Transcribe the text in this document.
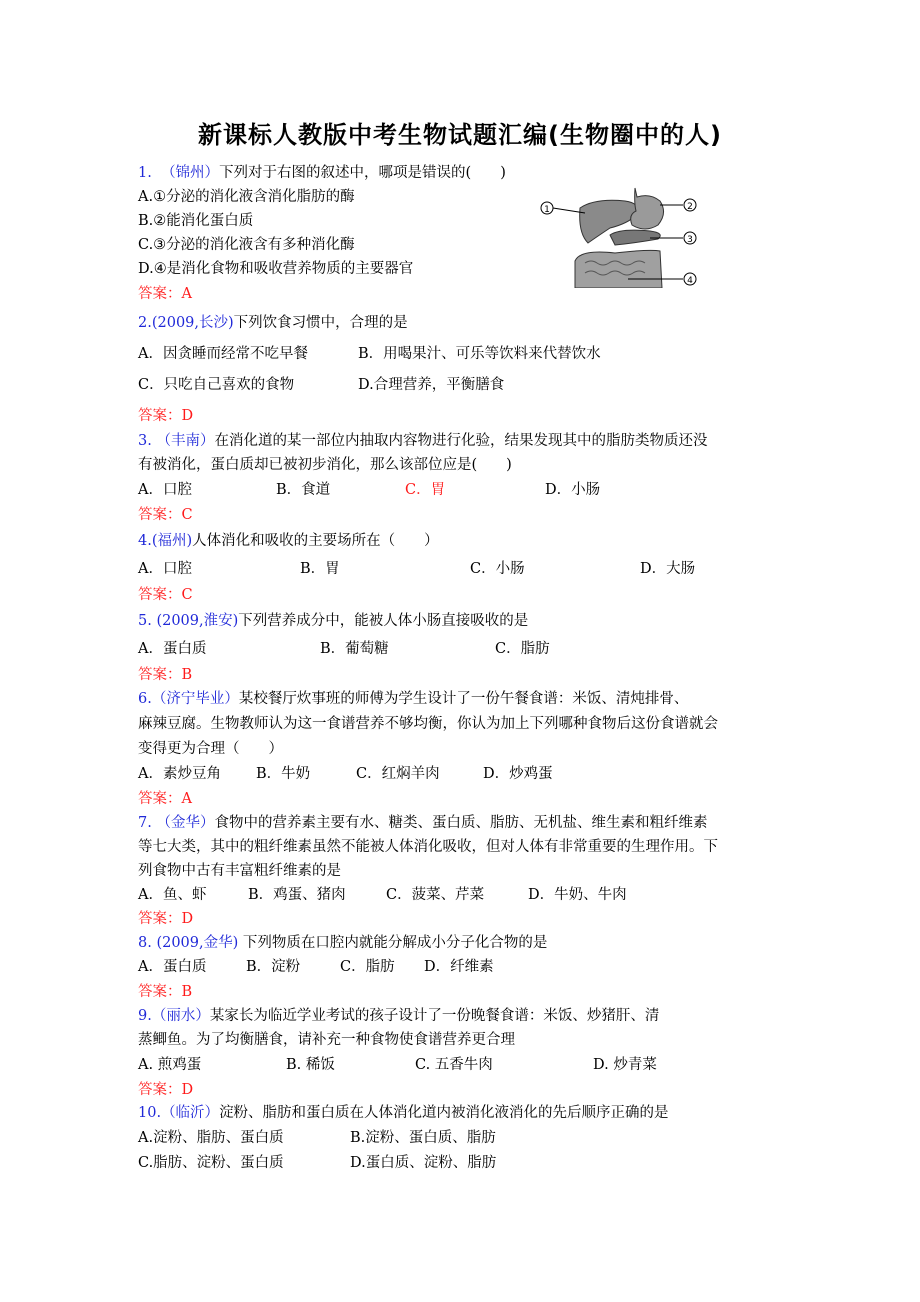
新课标人教版中考生物试题汇编(生物圈中的人)
1. （锦州）下列对于右图的叙述中，哪项是错误的(　　)
A.①分泌的消化液含消化脂肪的酶
B.②能消化蛋白质
C.③分泌的消化液含有多种消化酶
D.④是消化食物和吸收营养物质的主要器官
答案：A
1	2
3
4
2.(2009,长沙)下列饮食习惯中，合理的是
A．因贪睡而经常不吃早餐	B．用喝果汁、可乐等饮料来代替饮水
C．只吃自己喜欢的食物	D.合理营养，平衡膳食
答案：D
3. （丰南）在消化道的某一部位内抽取内容物进行化验，结果发现其中的脂肪类物质还没
有被消化，蛋白质却已被初步消化，那么该部位应是(　　)
A．口腔	B．食道	C．胃	D．小肠
答案：C
4.(福州)人体消化和吸收的主要场所在（　　）
A．口腔	B．胃	C．小肠	D．大肠
答案：C
5. (2009,淮安)下列营养成分中，能被人体小肠直接吸收的是
A．蛋白质	B．葡萄糖	C．脂肪
答案：B
6.（济宁毕业）某校餐厅炊事班的师傅为学生设计了一份午餐食谱：米饭、清炖排骨、
麻辣豆腐。生物教师认为这一食谱营养不够均衡，你认为加上下列哪种食物后这份食谱就会
变得更为合理（　　）
A．素炒豆角 B．牛奶	C．红焖羊肉	D．炒鸡蛋
答案：A
7. （金华）食物中的营养素主要有水、糖类、蛋白质、脂肪、无机盐、维生素和粗纤维素
等七大类，其中的粗纤维素虽然不能被人体消化吸收，但对人体有非常重要的生理作用。下
列食物中古有丰富粗纤维素的是
A．鱼、虾	B．鸡蛋、猪肉	C．菠菜、芹菜	D．牛奶、牛肉
答案：D
8. (2009,金华) 下列物质在口腔内就能分解成小分子化合物的是
A．蛋白质	B．淀粉	C．脂肪 D．纤维素
答案：B
9.（丽水）某家长为临近学业考试的孩子设计了一份晚餐食谱：米饭、炒猪肝、清
蒸鲫鱼。为了均衡膳食，请补充一种食物使食谱营养更合理
A. 煎鸡蛋	B. 稀饭	C. 五香牛肉	D. 炒青菜
答案：D
10.（临沂）淀粉、脂肪和蛋白质在人体消化道内被消化液消化的先后顺序正确的是
A.淀粉、脂肪、蛋白质	B.淀粉、蛋白质、脂肪
C.脂肪、淀粉、蛋白质	D.蛋白质、淀粉、脂肪
